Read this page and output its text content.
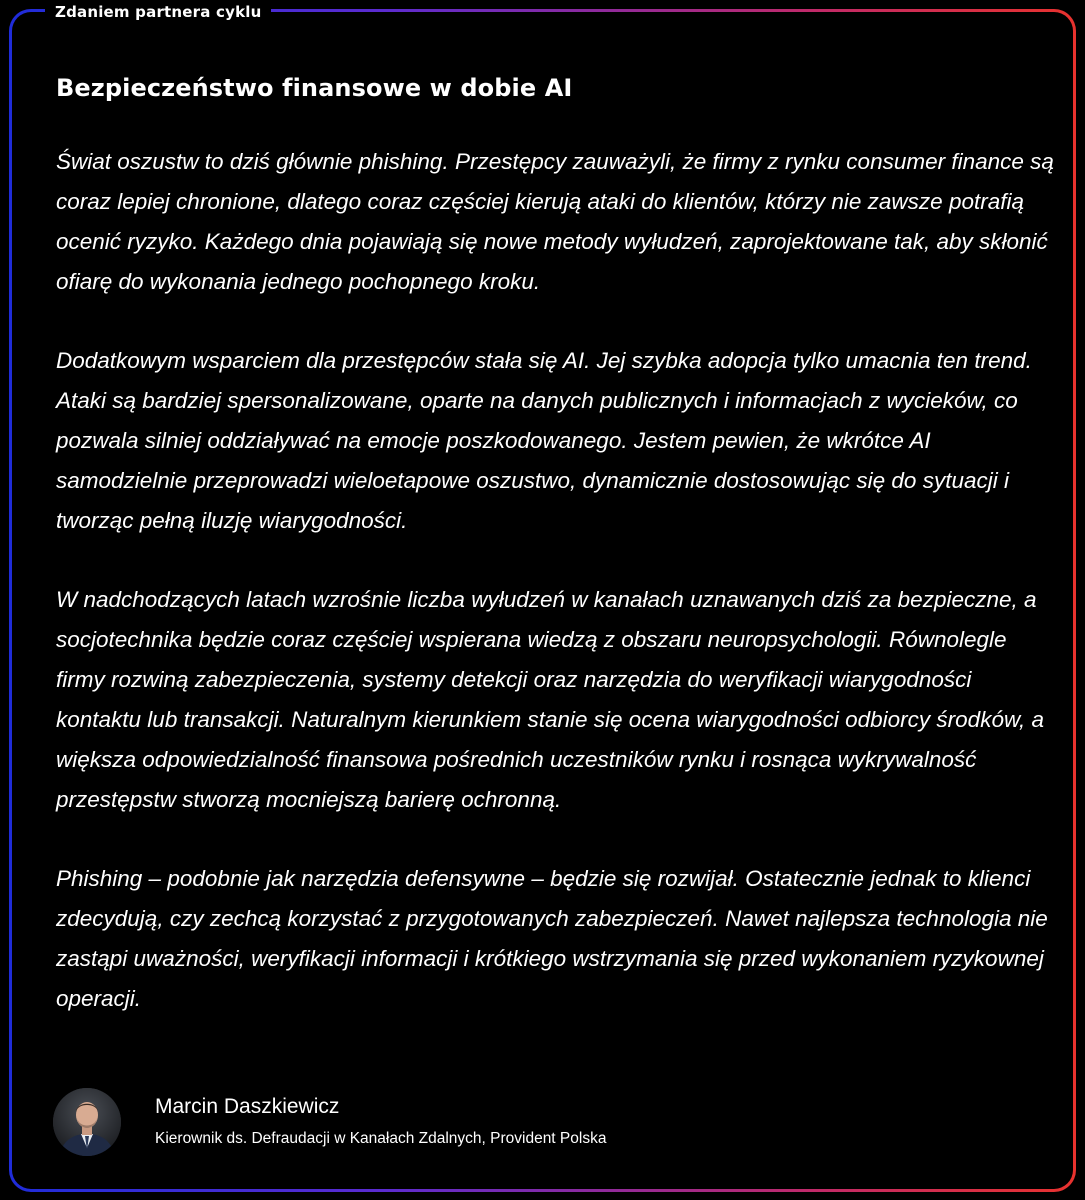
Bezpieczeństwo finansowe w dobie AI

Świat oszustw to dziś głównie phishing. Przestępcy zauważyli, że firmy z rynku consumer finance są coraz lepiej chronione, dlatego coraz częściej kierują ataki do klientów, którzy nie zawsze potrafią ocenić ryzyko. Każdego dnia pojawiają się nowe metody wyłudzeń, zaprojektowane tak, aby skłonić ofiarę do wykonania jednego pochopnego kroku.

Dodatkowym wsparciem dla przestępców stała się AI. Jej szybka adopcja tylko umacnia ten trend. Ataki są bardziej spersonalizowane, oparte na danych publicznych i informacjach z wycieków, co pozwala silniej oddziaływać na emocje poszkodowanego. Jestem pewien, że wkrótce AI samodzielnie przeprowadzi wieloetapowe oszustwo, dynamicznie dostosowując się do sytuacji i tworząc pełną iluzję wiarygodności.

W nadchodzących latach wzrośnie liczba wyłudzeń w kanałach uznawanych dziś za bezpieczne, a socjotechnika będzie coraz częściej wspierana wiedzą z obszaru neuropsychologii. Równolegle firmy rozwiną zabezpieczenia, systemy detekcji oraz narzędzia do weryfikacji wiarygodności kontaktu lub transakcji. Naturalnym kierunkiem stanie się ocena wiarygodności odbiorcy środków, a większa odpowiedzialność finansowa pośrednich uczestników rynku i rosnąca wykrywalność przestępstw stworzą mocniejszą barierę ochronną.

Phishing – podobnie jak narzędzia defensywne – będzie się rozwijał. Ostatecznie jednak to klienci zdecydują, czy zechcą korzystać z przygotowanych zabezpieczeń. Nawet najlepsza technologia nie zastąpi uważności, weryfikacji informacji i krótkiego wstrzymania się przed wykonaniem ryzykownej operacji.

Marcin Daszkiewicz
Kierownik ds. Defraudacji w Kanałach Zdalnych, Provident Polska
Zdaniem partnera cyklu
